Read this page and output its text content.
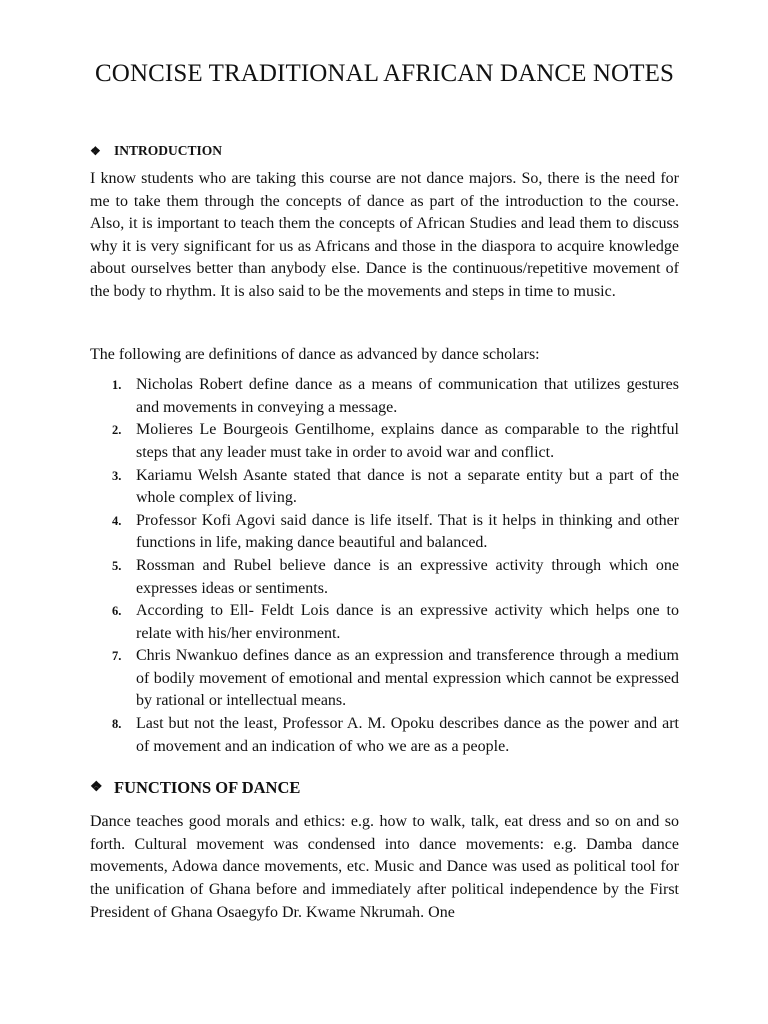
CONCISE TRADITIONAL AFRICAN DANCE NOTES
❖ INTRODUCTION

I know students who are taking this course are not dance majors. So, there is the need for me to take them through the concepts of dance as part of the introduction to the course. Also, it is important to teach them the concepts of African Studies and lead them to discuss why it is very significant for us as Africans and those in the diaspora to acquire knowledge about ourselves better than anybody else. Dance is the continuous/repetitive movement of the body to rhythm. It is also said to be the movements and steps in time to music.

The following are definitions of dance as advanced by dance scholars:

1. Nicholas Robert define dance as a means of communication that utilizes gestures and movements in conveying a message.
2. Molieres Le Bourgeois Gentilhome, explains dance as comparable to the rightful steps that any leader must take in order to avoid war and conflict.
3. Kariamu Welsh Asante stated that dance is not a separate entity but a part of the whole complex of living.
4. Professor Kofi Agovi said dance is life itself. That is it helps in thinking and other functions in life, making dance beautiful and balanced.
5. Rossman and Rubel believe dance is an expressive activity through which one expresses ideas or sentiments.
6. According to Ell- Feldt Lois dance is an expressive activity which helps one to relate with his/her environment.
7. Chris Nwankuo defines dance as an expression and transference through a medium of bodily movement of emotional and mental expression which cannot be expressed by rational or intellectual means.
8. Last but not the least, Professor A. M. Opoku describes dance as the power and art of movement and an indication of who we are as a people.
❖ FUNCTIONS OF DANCE

Dance teaches good morals and ethics: e.g. how to walk, talk, eat dress and so on and so forth. Cultural movement was condensed into dance movements: e.g. Damba dance movements, Adowa dance movements, etc. Music and Dance was used as political tool for the unification of Ghana before and immediately after political independence by the First President of Ghana Osaegyfo Dr. Kwame Nkrumah. One
